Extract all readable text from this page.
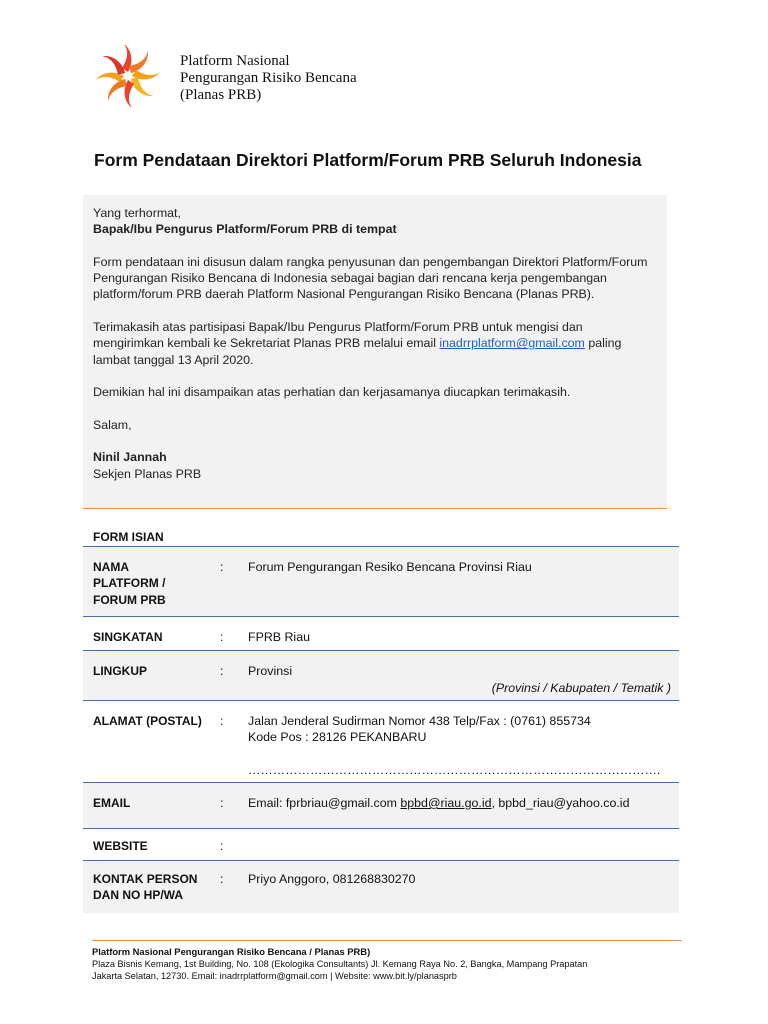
Platform Nasional
Pengurangan Risiko Bencana
(Planas PRB)
Form Pendataan Direktori Platform/Forum PRB Seluruh Indonesia
Yang terhormat,

Bapak/Ibu Pengurus Platform/Forum PRB di tempat

Form pendataan ini disusun dalam rangka penyusunan dan pengembangan Direktori Platform/Forum Pengurangan Risiko Bencana di Indonesia sebagai bagian dari rencana kerja pengembangan platform/forum PRB daerah Platform Nasional Pengurangan Risiko Bencana (Planas PRB).

Terimakasih atas partisipasi Bapak/Ibu Pengurus Platform/Forum PRB untuk mengisi dan mengirimkan kembali ke Sekretariat Planas PRB melalui email inadrrplatform@gmail.com paling lambat tanggal 13 April 2020.

Demikian hal ini disampaikan atas perhatian dan kerjasamanya diucapkan terimakasih.

Salam,

Ninil Jannah
Sekjen Planas PRB
FORM ISIAN
NAMA PLATFORM / FORUM PRB
: Forum Pengurangan Resiko Bencana Provinsi Riau
SINGKATAN	: FPRB Riau
LINGKUP	: Provinsi
(Provinsi / Kabupaten / Tematik )
ALAMAT (POSTAL)	: Jalan Jenderal Sudirman Nomor 438 Telp/Fax : (0761) 855734
Kode Pos : 28126 PEKANBARU
……………………………………………………………………………………….
EMAIL	: Email: fprbriau@gmail.com bpbd@riau.go.id, bpbd_riau@yahoo.co.id
WEBSITE	:
KONTAK PERSON DAN NO HP/WA
: Priyo Anggoro, 081268830270
Platform Nasional Pengurangan Risiko Bencana / Planas PRB)
Plaza Bisnis Kemang, 1st Building, No. 108 (Ekologika Consultants) Jl. Kemang Raya No. 2, Bangka, Mampang Prapatan
Jakarta Selatan, 12730. Email: inadrrplatform@gmail.com | Website: www.bit.ly/planasprb
